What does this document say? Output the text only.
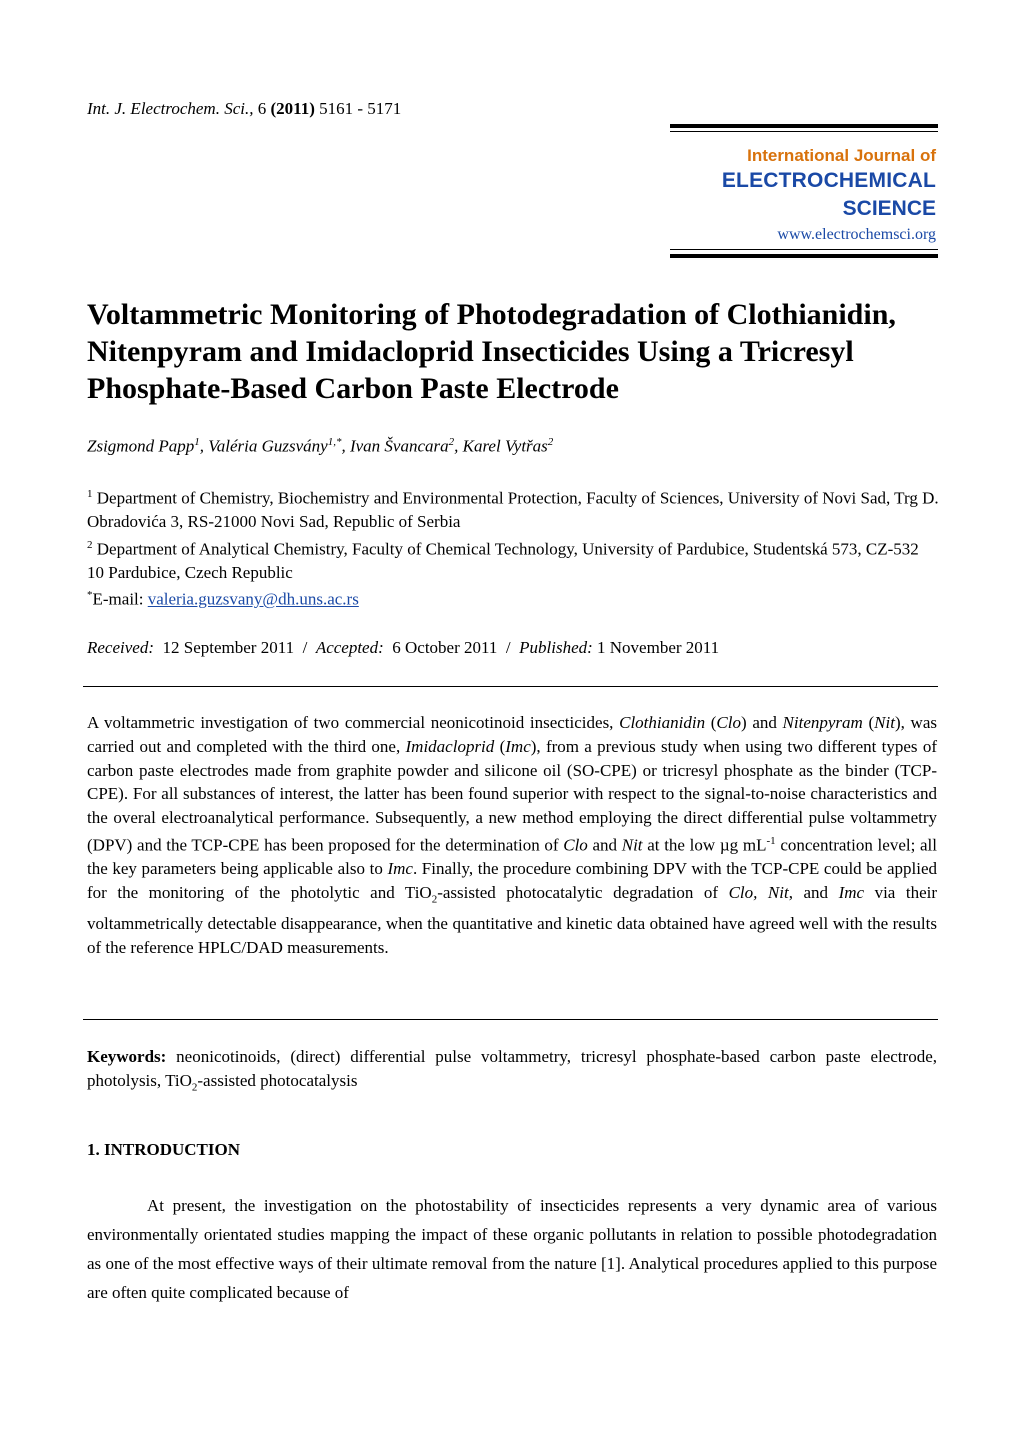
Int. J. Electrochem. Sci., 6 (2011) 5161 - 5171
International Journal of
ELECTROCHEMICAL
SCIENCE
www.electrochemsci.org
Voltammetric Monitoring of Photodegradation of Clothianidin, Nitenpyram and Imidacloprid Insecticides Using a Tricresyl Phosphate-Based Carbon Paste Electrode
Zsigmond Papp$^1$, Valéria Guzsvány$^{1,*}$, Ivan Švancara$^2$, Karel Vytřas$^2$
$^1$ Department of Chemistry, Biochemistry and Environmental Protection, Faculty of Sciences, University of Novi Sad, Trg D. Obradovića 3, RS-21000 Novi Sad, Republic of Serbia
$^2$ Department of Analytical Chemistry, Faculty of Chemical Technology, University of Pardubice, Studentská 573, CZ-532 10 Pardubice, Czech Republic
*E-mail: valeria.guzsvany@dh.uns.ac.rs
Received: 12 September 2011 / Accepted: 6 October 2011 / Published: 1 November 2011
A voltammetric investigation of two commercial neonicotinoid insecticides, Clothianidin (Clo) and Nitenpyram (Nit), was carried out and completed with the third one, Imidacloprid (Imc), from a previous study when using two different types of carbon paste electrodes made from graphite powder and silicone oil (SO-CPE) or tricresyl phosphate as the binder (TCP-CPE). For all substances of interest, the latter has been found superior with respect to the signal-to-noise characteristics and the overal electroanalytical performance. Subsequently, a new method employing the direct differential pulse voltammetry (DPV) and the TCP-CPE has been proposed for the determination of Clo and Nit at the low µg $mL^{-1}$ concentration level; all the key parameters being applicable also to Imc. Finally, the procedure combining DPV with the TCP-CPE could be applied for the monitoring of the photolytic and TiO$_2$-assisted photocatalytic degradation of Clo, Nit, and Imc via their voltammetrically detectable disappearance, when the quantitative and kinetic data obtained have agreed well with the results of the reference HPLC/DAD measurements.
Keywords: neonicotinoids, (direct) differential pulse voltammetry, tricresyl phosphate-based carbon paste electrode, photolysis, TiO$_2$-assisted photocatalysis
1. INTRODUCTION
At present, the investigation on the photostability of insecticides represents a very dynamic area of various environmentally orientated studies mapping the impact of these organic pollutants in relation to possible photodegradation as one of the most effective ways of their ultimate removal from the nature [1]. Analytical procedures applied to this purpose are often quite complicated because of
